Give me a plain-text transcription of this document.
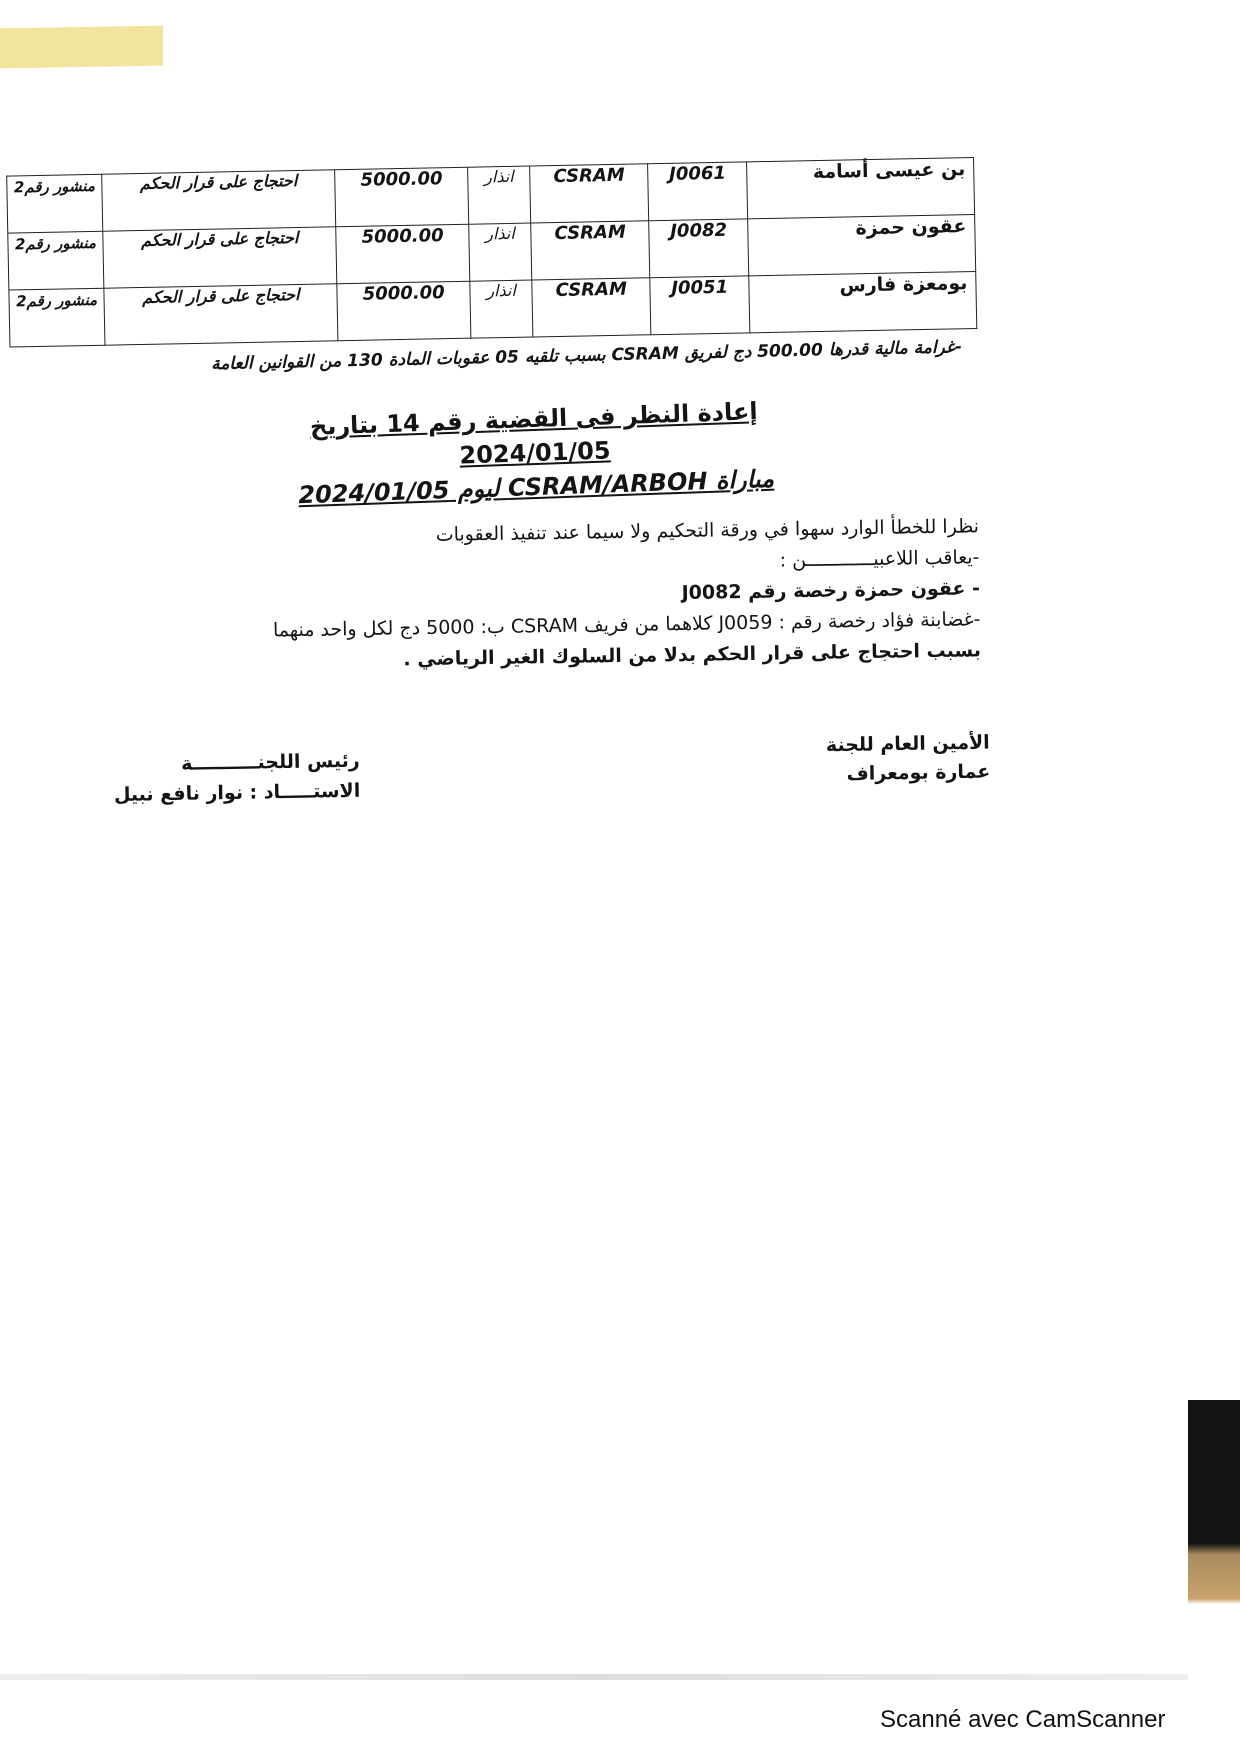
منشور رقم2	احتجاج على قرار الحكم	5000.00	انذار	CSRAM	J0061	بن عيسى أسامة
منشور رقم2	احتجاج على قرار الحكم	5000.00	انذار	CSRAM	J0082	عقون حمزة
منشور رقم2	احتجاج على قرار الحكم	5000.00	انذار	CSRAM	J0051	بومعزة فارس
-غرامة مالية قدرها 500.00 دج لفريق CSRAM بسبب تلقيه 05 عقوبات المادة 130 من القوانين العامة
إعادة النظر فى القضية رقم 14 بتاريخ 2024/01/05
مباراة CSRAM/ARBOH ليوم 2024/01/05
نظرا للخطأ الوارد سهوا في ورقة التحكيم ولا سيما عند تنفيذ العقوبات
-يعاقب اللاعبيــــــــــــن :
- عقون حمزة رخصة رقم J0082
-غضابنة فؤاد رخصة رقم : J0059 كلاهما من فريف CSRAM ب: 5000 دج لكل واحد منهما
بسبب احتجاج على قرار الحكم بدلا من السلوك الغير الرياضي .
الأمين العام للجنة
عمارة بومعراف
رئيس اللجنــــــــــة
الاستـــــاد : نوار نافع نبيل
Scanné avec CamScanner
